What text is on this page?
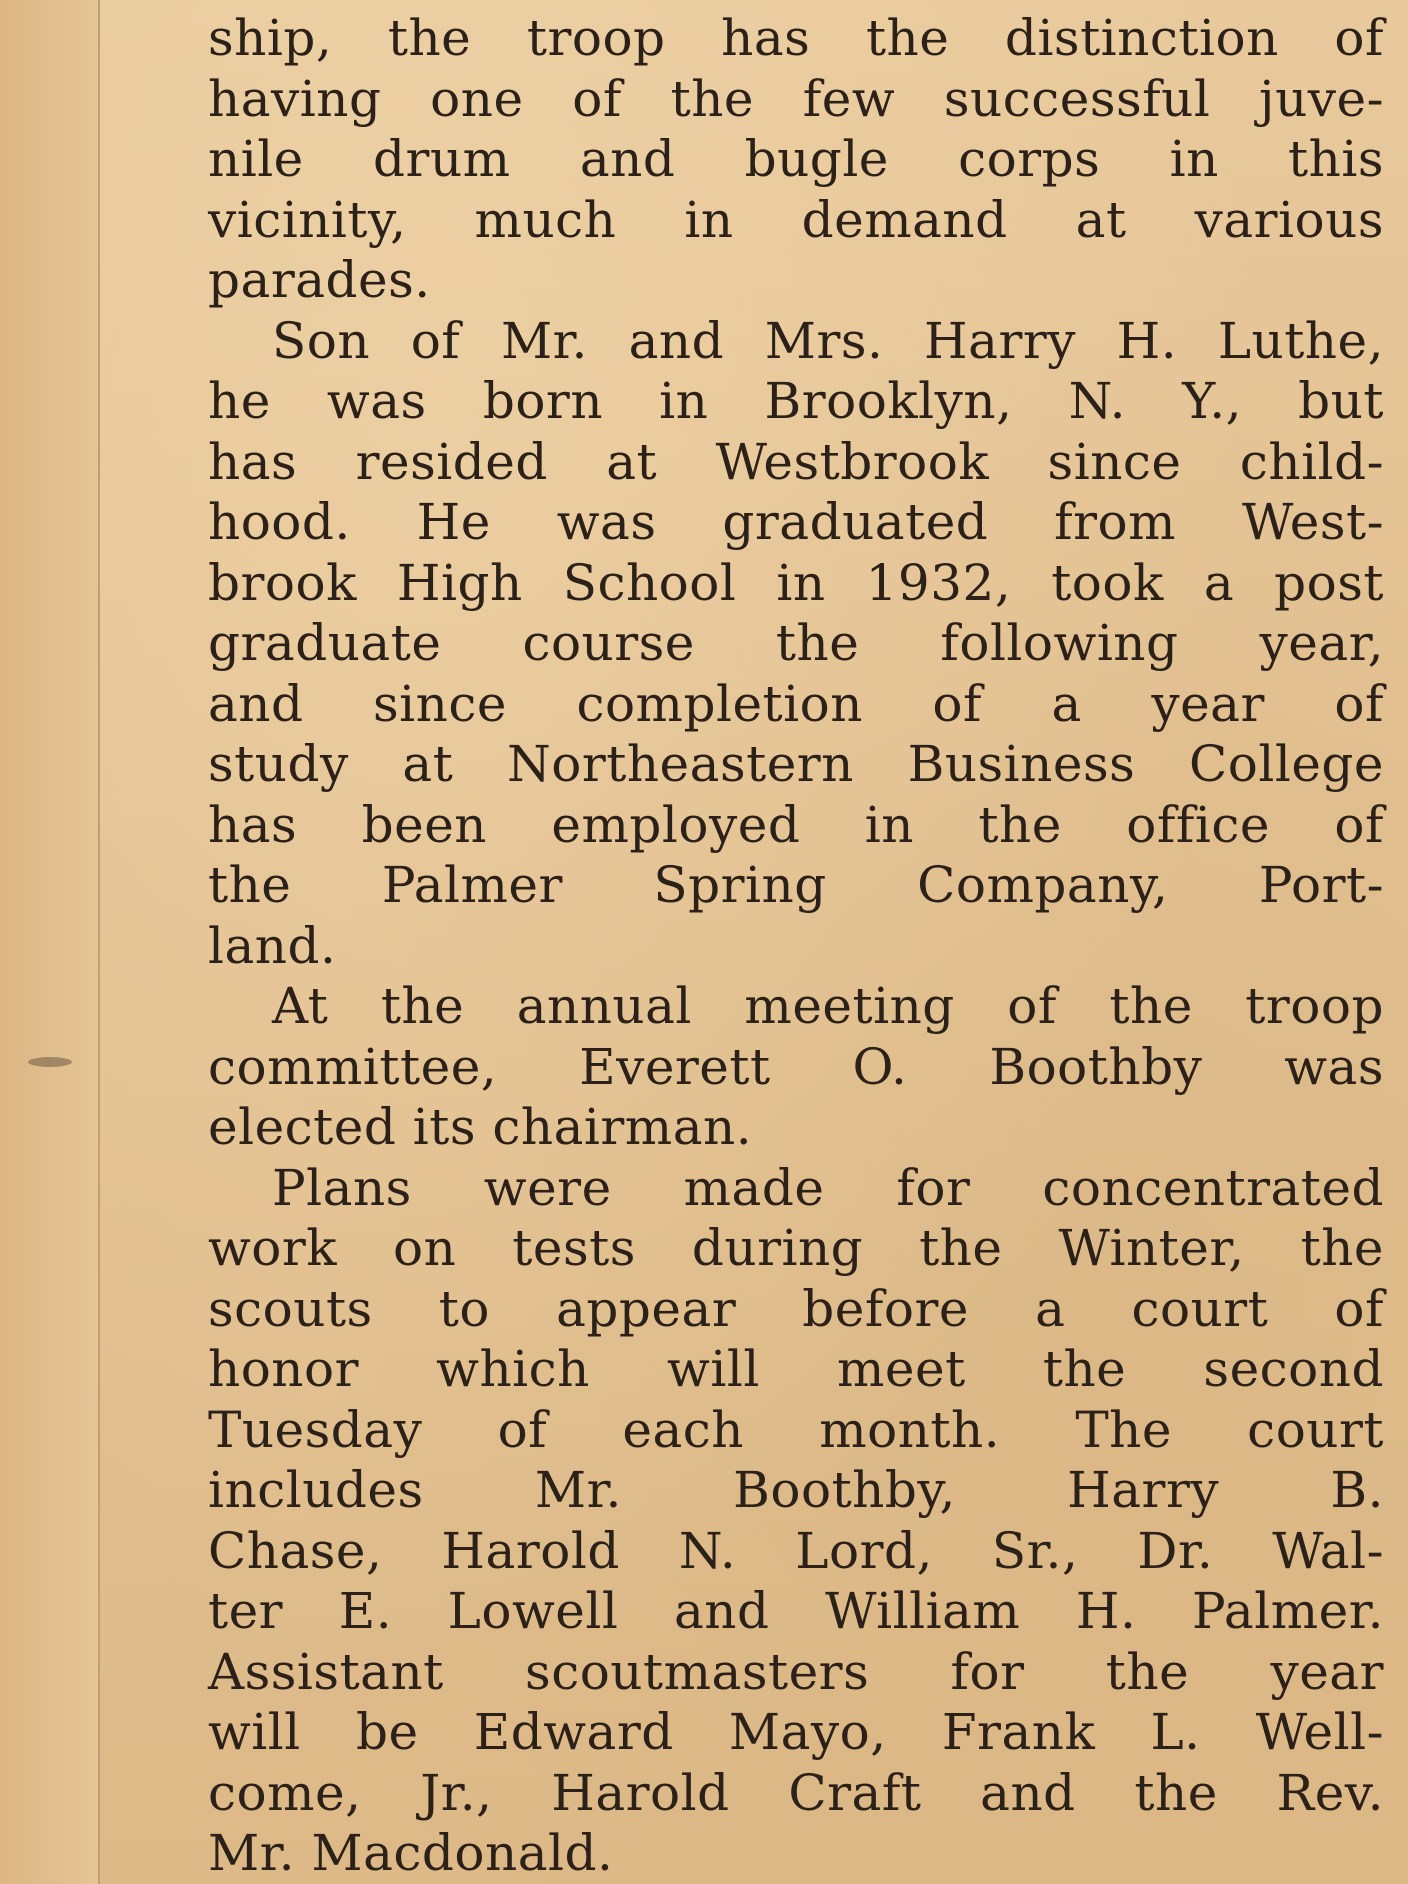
ship, the troop has the distinction of
having one of the few successful juve-
nile drum and bugle corps in this
vicinity, much in demand at various
parades.
Son of Mr. and Mrs. Harry H. Luthe,
he was born in Brooklyn, N. Y., but
has resided at Westbrook since child-
hood. He was graduated from West-
brook High School in 1932, took a post
graduate course the following year,
and since completion of a year of
study at Northeastern Business College
has been employed in the office of
the Palmer Spring Company, Port-
land.
At the annual meeting of the troop
committee, Everett O. Boothby was
elected its chairman.
Plans were made for concentrated
work on tests during the Winter, the
scouts to appear before a court of
honor which will meet the second
Tuesday of each month. The court
includes Mr. Boothby, Harry B.
Chase, Harold N. Lord, Sr., Dr. Wal-
ter E. Lowell and William H. Palmer.
Assistant scoutmasters for the year
will be Edward Mayo, Frank L. Well-
come, Jr., Harold Craft and the Rev.
Mr. Macdonald.
